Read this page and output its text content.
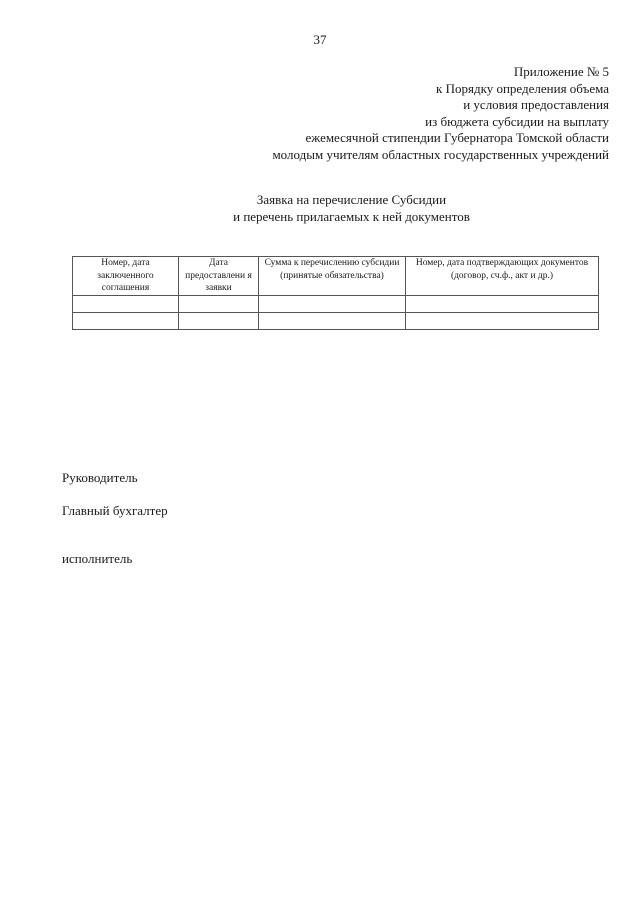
37
Приложение № 5
к Порядку определения объема
и условия предоставления
из бюджета субсидии на выплату
ежемесячной стипендии Губернатора Томской области
молодым учителям областных государственных учреждений
Заявка на перечисление Субсидии
и перечень прилагаемых к ней документов
Номер, дата заключенного соглашения	Дата предоставлени я заявки	Сумма к перечислению субсидии (принятые обязательства)	Номер, дата подтверждающих документов (договор, сч.ф., акт и др.)

Руководитель
Главный бухгалтер
исполнитель
